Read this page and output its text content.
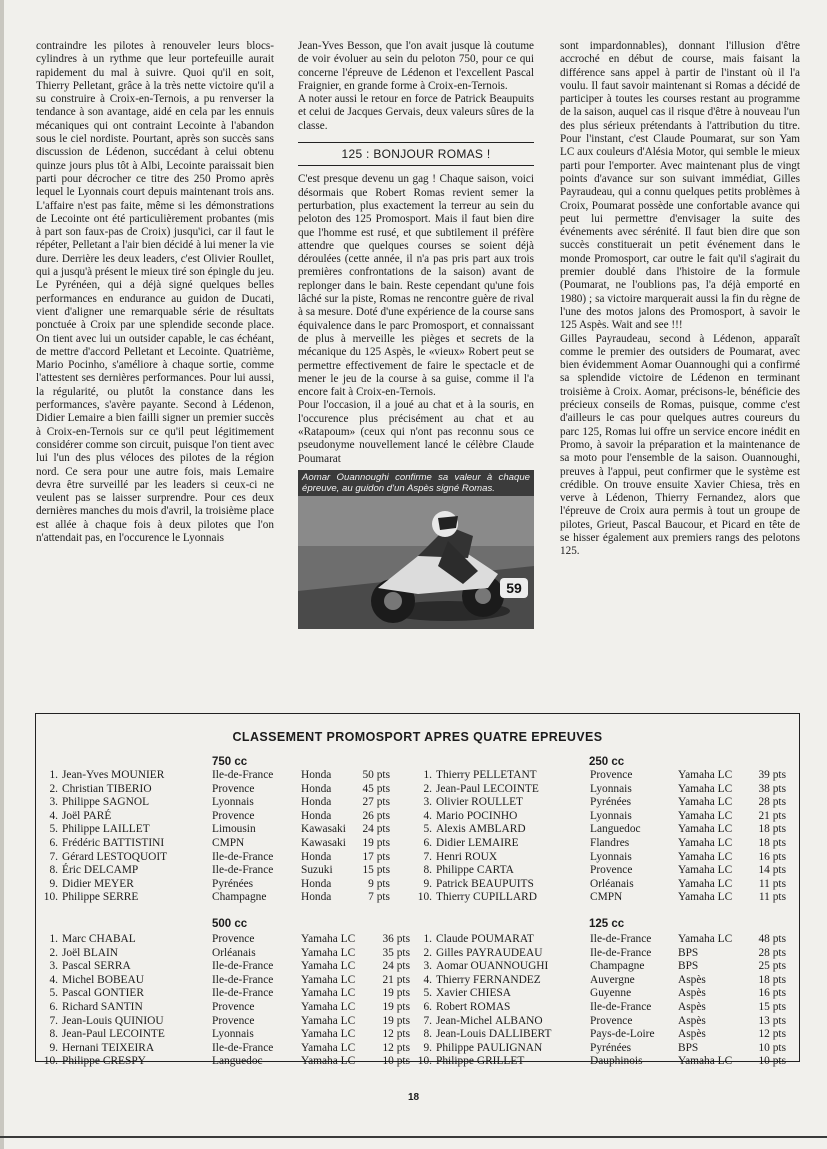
contraindre les pilotes à renouveler leurs blocs-cylindres à un rythme que leur portefeuille aurait rapidement du mal à suivre. Quoi qu'il en soit, Thierry Pelletant, grâce à la très nette victoire qu'il a su construire à Croix-en-Ternois, a pu renverser la tendance à son avantage, aidé en cela par les ennuis mécaniques qui ont contraint Lecointe à l'abandon sous le ciel nordiste. Pourtant, après son succès sans discussion de Lédenon, succédant à celui obtenu quinze jours plus tôt à Albi, Lecointe paraissait bien parti pour décrocher ce titre des 250 Promo après lequel le Lyonnais court depuis maintenant trois ans. L'affaire n'est pas faite, même si les démonstrations de Lecointe ont été particulièrement probantes (mis à part son faux-pas de Croix) jusqu'ici, car il faut le répéter, Pelletant a l'air bien décidé à lui mener la vie dure. Derrière les deux leaders, c'est Olivier Roullet, qui a jusqu'à présent le mieux tiré son épingle du jeu. Le Pyrénéen, qui a déjà signé quelques belles performances en endurance au guidon de Ducati, vient d'aligner une remarquable série de résultats ponctuée à Croix par une splendide seconde place. On tient avec lui un outsider capable, le cas échéant, de mettre d'accord Pelletant et Lecointe. Quatrième, Mario Pocinho, s'améliore à chaque sortie, comme l'attestent ses dernières performances. Pour lui aussi, la régularité, ou plutôt la constance dans les performances, s'avère payante. Second à Lédenon, Didier Lemaire a bien failli signer un premier succès à Croix-en-Ternois sur ce qu'il peut légitimement considérer comme son circuit, puisque l'on tient avec lui l'un des plus véloces des pilotes de la région nord. Ce sera pour une autre fois, mais Lemaire devra être surveillé par les leaders si ceux-ci ne veulent pas se laisser surprendre. Pour ces deux dernières manches du mois d'avril, la troisième place est allée à chaque fois à deux pilotes que l'on n'attendait pas, en l'occurence le Lyonnais

Jean-Yves Besson, que l'on avait jusque là coutume de voir évoluer au sein du peloton 750, pour ce qui concerne l'épreuve de Lédenon et l'excellent Pascal Fraignier, en grande forme à Croix-en-Ternois.

A noter aussi le retour en force de Patrick Beaupuits et celui de Jacques Gervais, deux valeurs sûres de la classe.

125 : BONJOUR ROMAS !

C'est presque devenu un gag ! Chaque saison, voici désormais que Robert Romas revient semer la perturbation, plus exactement la terreur au sein du peloton des 125 Promosport. Mais il faut bien dire que l'homme est rusé, et que subtilement il préfère attendre que quelques courses se soient déjà déroulées (cette année, il n'a pas pris part aux trois premières confrontations de la saison) avant de replonger dans le bain. Reste cependant qu'une fois lâché sur la piste, Romas ne rencontre guère de rival à sa mesure. Doté d'une expérience de la course sans équivalence dans le parc Promosport, et connaissant de plus à merveille les pièges et secrets de la mécanique du 125 Aspès, le «vieux» Robert peut se permettre effectivement de faire le spectacle et de mener le jeu de la course à sa guise, comme il l'a encore fait à Croix-en-Ternois.

Pour l'occasion, il a joué au chat et à la souris, en l'occurence plus précisément au chat et au «Ratapoum» (ceux qui n'ont pas reconnu sous ce pseudonyme nouvellement lancé le célèbre Claude Poumarat

Aomar Ouannoughi confirme sa valeur à chaque épreuve, au guidon d'un Aspès signé Romas.
59

sont impardonnables), donnant l'illusion d'être accroché en début de course, mais faisant la différence sans appel à partir de l'instant où il l'a voulu. Il faut savoir maintenant si Romas a décidé de participer à toutes les courses restant au programme de la saison, auquel cas il risque d'être à nouveau l'un des plus sérieux prétendants à l'attribution du titre. Pour l'instant, c'est Claude Poumarat, sur son Yam LC aux couleurs d'Alésia Motor, qui semble le mieux parti pour l'emporter. Avec maintenant plus de vingt points d'avance sur son suivant immédiat, Gilles Payraudeau, qui a connu quelques petits problèmes à Croix, Poumarat possède une confortable avance qui peut lui permettre d'envisager la suite des événements avec sérénité. Il faut bien dire que son succès constituerait un petit événement dans le monde Promosport, car outre le fait qu'il s'agirait du premier doublé dans l'histoire de la formule (Poumarat, ne l'oublions pas, l'a déjà emporté en 1980) ; sa victoire marquerait aussi la fin du règne de l'une des motos jalons des Promosport, à savoir le 125 Aspès. Wait and see !!!

Gilles Payraudeau, second à Lédenon, apparaît comme le premier des outsiders de Poumarat, avec bien évidemment Aomar Ouannoughi qui a confirmé sa splendide victoire de Lédenon en terminant troisième à Croix. Aomar, précisons-le, bénéficie des précieux conseils de Romas, puisque, comme c'est d'ailleurs le cas pour quelques autres coureurs du parc 125, Romas lui offre un service encore inédit en Promo, à savoir la préparation et la maintenance de sa moto pour l'ensemble de la saison. Ouannoughi, preuves à l'appui, peut confirmer que le système est crédible. On trouve ensuite Xavier Chiesa, très en verve à Lédenon, Thierry Fernandez, alors que l'épreuve de Croix aura permis à tout un groupe de pilotes, Grieut, Pascal Baucour, et Picard en tête de se hisser également aux premiers rangs des pelotons 125.

CLASSEMENT PROMOSPORT APRES QUATRE EPREUVES
750 cc	250 cc
500 cc	125 cc
1. Jean-Yves MOUNIER	Ile-de-France Honda	50 pts
2. Christian TIBERIO	Provence	Honda	45 pts
3. Philippe SAGNOL	Lyonnais	Honda	27 pts
4. Joël PARÉ	Provence	Honda	26 pts
5. Philippe LAILLET	Limousin	Kawasaki 24 pts
6. Frédéric BATTISTINI	CMPN	Kawasaki 19 pts
7. Gérard LESTOQUOIT	Ile-de-France Honda	17 pts
8. Éric DELCAMP	Ile-de-France Suzuki	15 pts
9. Didier MEYER	Pyrénées	Honda	9 pts
10. Philippe SERRE	Champagne	Honda	7 pts
1. Thierry PELLETANT	Provence	Yamaha LC 39 pts
2. Jean-Paul LECOINTE	Lyonnais	Yamaha LC 38 pts
3. Olivier ROULLET	Pyrénées	Yamaha LC 28 pts
4. Mario POCINHO	Lyonnais	Yamaha LC 21 pts
5. Alexis AMBLARD	Languedoc	Yamaha LC 18 pts
6. Didier LEMAIRE	Flandres	Yamaha LC 18 pts
7. Henri ROUX	Lyonnais	Yamaha LC 16 pts
8. Philippe CARTA	Provence	Yamaha LC 14 pts
9. Patrick BEAUPUITS	Orléanais	Yamaha LC 11 pts
10. Thierry CUPILLARD	CMPN	Yamaha LC 11 pts
1. Marc CHABAL	Provence	Yamaha LC 36 pts
2. Joël BLAIN	Orléanais	Yamaha LC 35 pts
3. Pascal SERRA	Ile-de-France Yamaha LC 24 pts
4. Michel BOBEAU	Ile-de-France Yamaha LC 21 pts
5. Pascal GONTIER	Ile-de-France Yamaha LC 19 pts
6. Richard SANTIN	Provence	Yamaha LC 19 pts
7. Jean-Louis QUINIOU	Provence	Yamaha LC 19 pts
8. Jean-Paul LECOINTE	Lyonnais	Yamaha LC 12 pts
9. Hernani TEIXEIRA	Ile-de-France Yamaha LC 12 pts
10. Philippe CRESPY	Languedoc	Yamaha LC 10 pts
1. Claude POUMARAT	Ile-de-France Yamaha LC 48 pts
2. Gilles PAYRAUDEAU	Ile-de-France BPS	28 pts
3. Aomar OUANNOUGHI	Champagne	BPS	25 pts
4. Thierry FERNANDEZ	Auvergne	Aspès	18 pts
5. Xavier CHIESA	Guyenne	Aspès	16 pts
6. Robert ROMAS	Ile-de-France Aspès	15 pts
7. Jean-Michel ALBANO	Provence	Aspès	13 pts
8. Jean-Louis DALLIBERT	Pays-de-Loire Aspès	12 pts
9. Philippe PAULIGNAN	Pyrénées	BPS	10 pts
10. Philippe GRILLET	Dauphinois	Yamaha LC 10 pts
18
